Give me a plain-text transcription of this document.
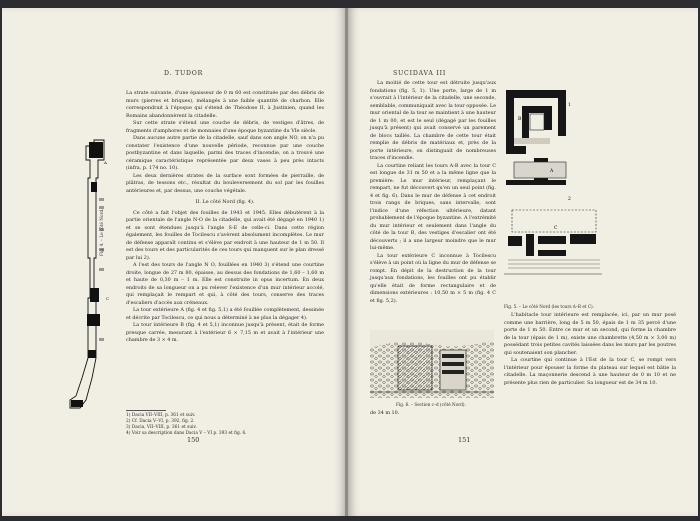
D. TUDOR
A
C
Fig. 4. – Le côté Nord.

La strate suivante, d'une épaisseur de 0 m 60 est constituée par des débris de murs (pierres et briques), mélangés à une faible quantité de charbon. Elle correspondrait à l'époque qui s'étend de Théodose II, à Justinien, quand les Romains abandonnèrent la citadelle.

Sur cette strate s'étend une couche de débris, de vestiges d'âtres, de fragments d'amphores et de monnaies d'une époque byzantine du VIe siècle.

Dans aucune autre partie de la citadelle, sauf dans son angle NO, on n'a pu constater l'existence d'une nouvelle période, reconnue par une couche postbyzantine et dans laquelle, parmi des traces d'incendie, on a trouvé une céramique caractéristique représentée par deux vases à peu près intacts (infra, p. 174 no. 10).

Les deux dernières strates de la surface sont formées de pierraille, de plâtras, de tessons etc., résultat du bouleversement du sol par les fouilles antérieures et, par dessus, une couche végétale.

II. Le côté Nord (fig. 4).

Ce côté a fait l'objet des fouilles de 1943 et 1945. Elles débutèrent à la partie orientale de l'angle N-O de la citadelle, qui avait été dégagé en 1940 1) et se sont étendues jusqu'à l'angle S-E de celle-ci. Dans cette région également, les fouilles de Tocilescu s'avèrent absolument incomplètes. Le mur de défense apparaît continu et s'élève par endroit à une hauteur de 1 m 50. Il est des tours et des particularités de ces tours qui manquent sur le plan dressé par lui 2).

A l'est des tours de l'angle N O, fouillées en 1940 3) s'étend une courtine droite, longue de 27 m 80, épaisse, au dessus des fondations de 1,60 – 1,60 m et haute de 0,30 m – 1 m. Elle est construite in opus incertum. En deux endroits de sa longueur on a pu relever l'existence d'un mur intérieur accolé, qui remplaçait le rempart et qui, à côté des tours, conserve des traces d'escaliers d'accès aux créneaux.

La tour extérieure A (fig. 4 et fig. 5,1) a été fouillée complètement, dessinée et décrite par Tocilescu, ce qui nous a déterminé à ne plus la dégager 4).

La tour intérieure B (fig. 4 et 5,1) inconnue jusqu'à présent, était de forme presque carrée, mesurant à l'extérieur 6 × 7,15 m et avait à l'intérieur une chambre de 3 × 4 m.

1) Dacia VII–VIII, p. 361 et suiv.
2) Cf. Dacia V–VI, p. 392, fig. 2.
3) Dacia, VII–VIII, p. 361 et suiv.
4) Voir sa description dans Dacia V – VI p. 393 et fig. 6.
150
SUCIDAVA III

La moitié de cette tour est détruite jusqu'aux fondations (fig. 5, 1). Une porte, large de 1 m s'ouvrait à l'intérieur de la citadelle, une seconde, semblable, communiquait avec la tour opposée. Le mur oriental de la tour se maintient à une hauteur de 1 m 00, et est le seul (dégagé par les fouilles jusqu'à présent) qui avait conservé un parement de blocs taillés. La chambre de cette tour était remplie de débris de matériaux et, près de la porte intérieure, on distinguait de nombreuses traces d'incendie.

La courtine reliant les tours A-B avec la tour C est longue de 31 m 50 et a la même ligne que la première. Le mur intérieur, remplaçant le rempart, ne fut découvert qu'en un seul point (fig. 4 et fig. 6). Dans le mur de défense à cet endroit trois rangs de briques, sans intervalle, sont l'indice d'une réfection ultérieure, datant probablement de l'époque byzantine. A l'extrémité du mur intérieur et seulement dans l'angle du côté de la tour B, des vestiges d'escalier ont été découverts ; il a une largeur moindre que le mur lui-même.

La tour extérieure C inconnue à Tocilescu s'élève à un point où la ligne du mur de défense se rompt. En dépit de la destruction de la tour jusqu'aux fondations, les fouilles ont pu établir qu'elle était de forme rectangulaire et de dimensions extérieures : 10,50 m × 5 m (fig. 4 C et fig. 5,2).

1
2
B
A
C
Fig. 5. – Le côté Nord (les tours A–B et C).
Fig. 6. – Section c–d (côté Nord).

de 34 m 10.

L'habitacle tour intérieure est remplacée, ici, par un mur posé comme une barrière, long de 5 m 50, épais de 1 m 35 percé d'une porte de 1 m 50. Entre ce mur et un second, qui forme la chambre de la tour (épais de 1 m), existe une chambrette (4,50 m × 3,00 m) possédant trois petites cavités laissées dans les murs par les poutres qui soutenaient son plancher.

La courtine qui continue à l'Est de la tour C, se rompt vers l'intérieur pour épouser la forme du plateau sur lequel est bâtie la citadelle. La maçonnerie descend à une hauteur de 0 m 10 et ne présente plus rien de particulier. Sa longueur est de 34 m 10.

151
